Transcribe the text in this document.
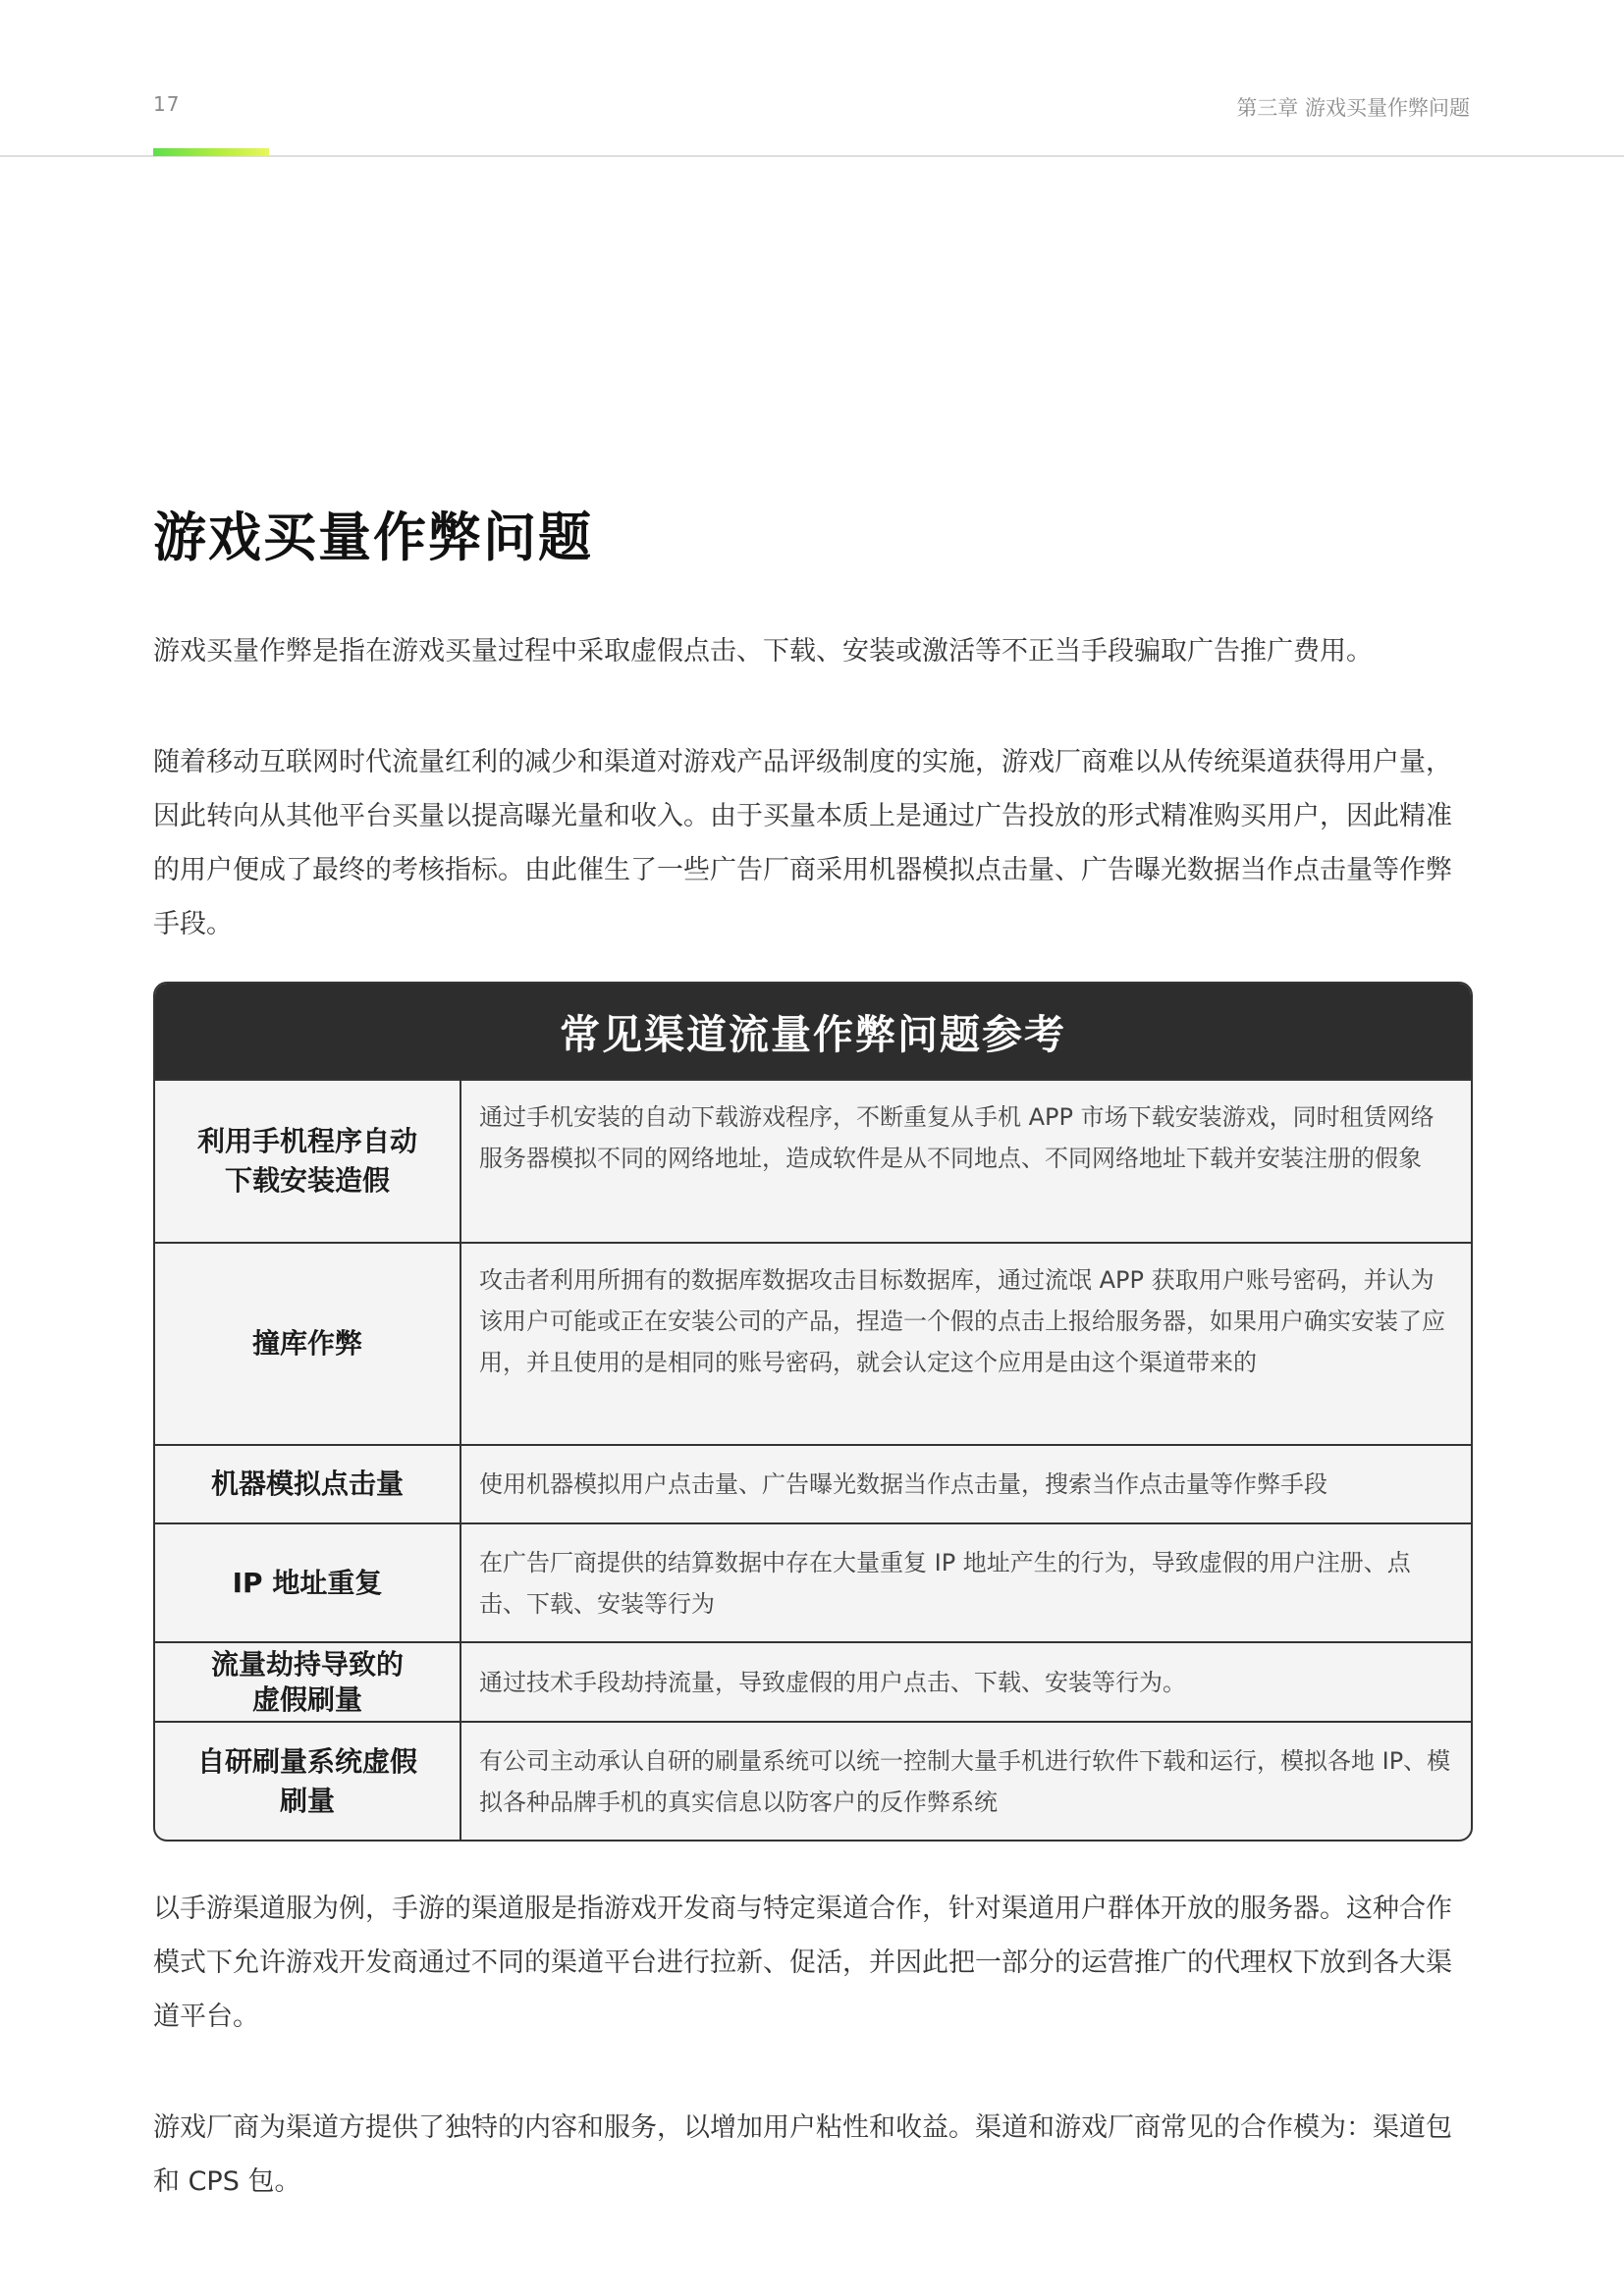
17	第三章 游戏买量作弊问题
游戏买量作弊问题

游戏买量作弊是指在游戏买量过程中采取虚假点击、下载、安装或激活等不正当手段骗取广告推广费用。

随着移动互联网时代流量红利的减少和渠道对游戏产品评级制度的实施，游戏厂商难以从传统渠道获得用户量，因此转向从其他平台买量以提高曝光量和收入。由于买量本质上是通过广告投放的形式精准购买用户，因此精准的用户便成了最终的考核指标。由此催生了一些广告厂商采用机器模拟点击量、广告曝光数据当作点击量等作弊手段。

常见渠道流量作弊问题参考
利用手机程序自动
下载安装造假
通过手机安装的自动下载游戏程序，不断重复从手机 APP 市场下载安装游戏，同时租赁网络服务器模拟不同的网络地址，造成软件是从不同地点、不同网络地址下载并安装注册的假象
撞库作弊
攻击者利用所拥有的数据库数据攻击目标数据库，通过流氓 APP 获取用户账号密码，并认为该用户可能或正在安装公司的产品，捏造一个假的点击上报给服务器，如果用户确实安装了应用，并且使用的是相同的账号密码，就会认定这个应用是由这个渠道带来的
机器模拟点击量	使用机器模拟用户点击量、广告曝光数据当作点击量，搜索当作点击量等作弊手段
IP 地址重复
在广告厂商提供的结算数据中存在大量重复 IP 地址产生的行为，导致虚假的用户注册、点击、下载、安装等行为
流量劫持导致的
虚假刷量
通过技术手段劫持流量，导致虚假的用户点击、下载、安装等行为。
自研刷量系统虚假
刷量
有公司主动承认自研的刷量系统可以统一控制大量手机进行软件下载和运行，模拟各地 IP、模拟各种品牌手机的真实信息以防客户的反作弊系统

以手游渠道服为例，手游的渠道服是指游戏开发商与特定渠道合作，针对渠道用户群体开放的服务器。这种合作模式下允许游戏开发商通过不同的渠道平台进行拉新、促活，并因此把一部分的运营推广的代理权下放到各大渠道平台。

游戏厂商为渠道方提供了独特的内容和服务，以增加用户粘性和收益。渠道和游戏厂商常见的合作模为：渠道包和 CPS 包。
